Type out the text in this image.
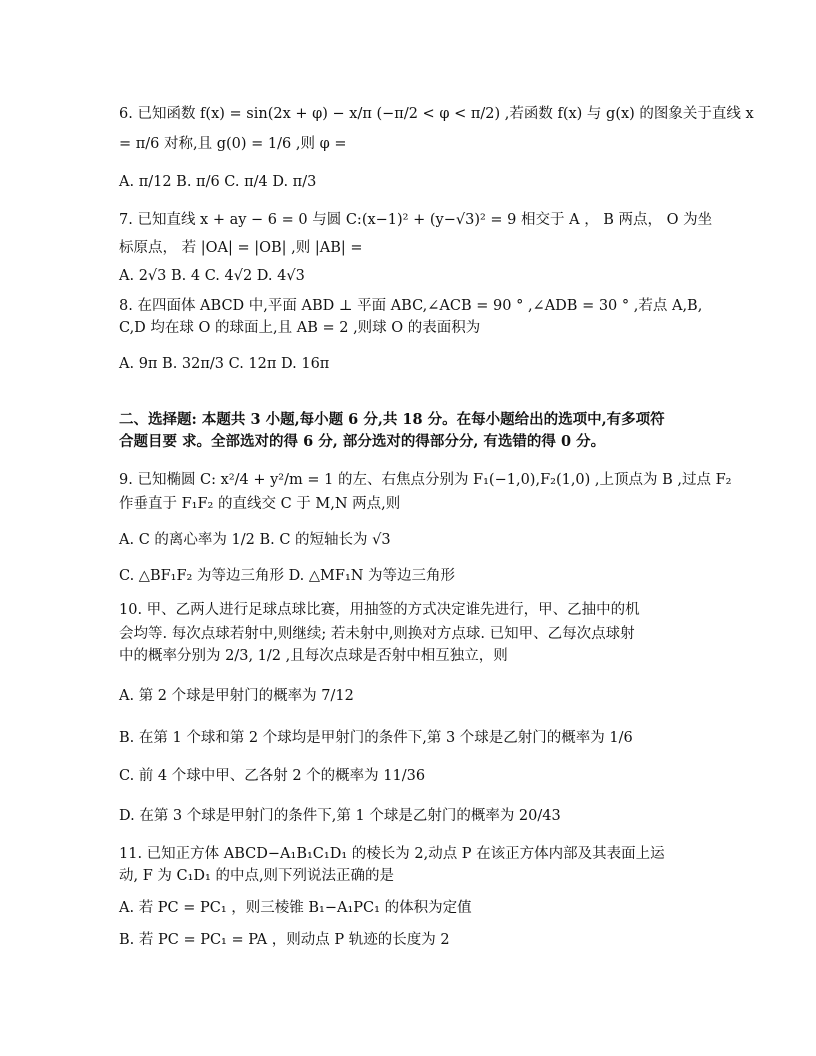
6. 已知函数 f(x) = sin(2x + φ) − x/π (−π/2 < φ < π/2) ,若函数 f(x) 与 g(x) 的图象关于直线 x
= π/6 对称,且 g(0) = 1/6 ,则 φ =
A. π/12 B. π/6 C. π/4 D. π/3
7. 已知直线 x + ay − 6 = 0 与圆 C:(x−1)² + (y−√3)² = 9 相交于 A ， B 两点， O 为坐
标原点， 若 |OA| = |OB| ,则 |AB| =
A. 2√3 B. 4 C. 4√2 D. 4√3
8. 在四面体 ABCD 中,平面 ABD ⊥ 平面 ABC,∠ACB = 90 ° ,∠ADB = 30 ° ,若点 A,B,
C,D 均在球 O 的球面上,且 AB = 2 ,则球 O 的表面积为
A. 9π B. 32π/3 C. 12π D. 16π
二、选择题: 本题共 3 小题,每小题 6 分,共 18 分。在每小题给出的选项中,有多项符
合题目要 求。全部选对的得 6 分, 部分选对的得部分分, 有选错的得 0 分。
9. 已知椭圆 C: x²/4 + y²/m = 1 的左、右焦点分别为 F₁(−1,0),F₂(1,0) ,上顶点为 B ,过点 F₂
作垂直于 F₁F₂ 的直线交 C 于 M,N 两点,则
A. C 的离心率为 1/2 B. C 的短轴长为 √3
C. △BF₁F₂ 为等边三角形 D. △MF₁N 为等边三角形
10. 甲、乙两人进行足球点球比赛，用抽签的方式决定谁先进行，甲、乙抽中的机
会均等. 每次点球若射中,则继续; 若未射中,则换对方点球. 已知甲、乙每次点球射
中的概率分别为 2/3, 1/2 ,且每次点球是否射中相互独立，则
A. 第 2 个球是甲射门的概率为 7/12
B. 在第 1 个球和第 2 个球均是甲射门的条件下,第 3 个球是乙射门的概率为 1/6
C. 前 4 个球中甲、乙各射 2 个的概率为 11/36
D. 在第 3 个球是甲射门的条件下,第 1 个球是乙射门的概率为 20/43
11. 已知正方体 ABCD−A₁B₁C₁D₁ 的棱长为 2,动点 P 在该正方体内部及其表面上运
动, F 为 C₁D₁ 的中点,则下列说法正确的是
A. 若 PC = PC₁ ，则三棱锥 B₁−A₁PC₁ 的体积为定值
B. 若 PC = PC₁ = PA ，则动点 P 轨迹的长度为 2
